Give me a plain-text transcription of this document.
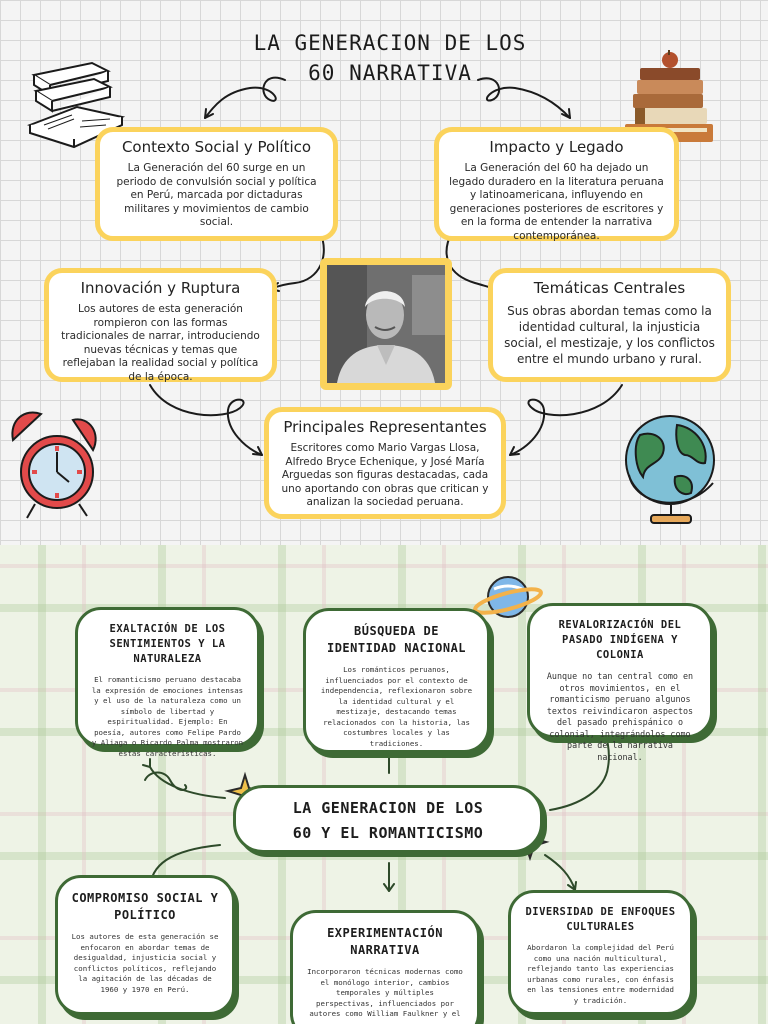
LA GENERACION DE LOS
60 NARRATIVA
Contexto Social y Político

La Generación del 60 surge en un periodo de convulsión social y política en Perú, marcada por dictaduras militares y movimientos de cambio social.

Impacto y Legado

La Generación del 60 ha dejado un legado duradero en la literatura peruana y latinoamericana, influyendo en generaciones posteriores de escritores y en la forma de entender la narrativa contemporánea.

Innovación y Ruptura

Los autores de esta generación rompieron con las formas tradicionales de narrar, introduciendo nuevas técnicas y temas que reflejaban la realidad social y política de la época.

Temáticas Centrales

Sus obras abordan temas como la identidad cultural, la injusticia social, el mestizaje, y los conflictos entre el mundo urbano y rural.

Principales Representantes

Escritores como Mario Vargas Llosa, Alfredo Bryce Echenique, y José María Arguedas son figuras destacadas, cada uno aportando con obras que critican y analizan la sociedad peruana.

EXALTACIÓN DE LOS SENTIMIENTOS Y LA NATURALEZA

El romanticismo peruano destacaba la expresión de emociones intensas y el uso de la naturaleza como un símbolo de libertad y espiritualidad. Ejemplo: En poesía, autores como Felipe Pardo y Aliaga o Ricardo Palma mostraron estas características.

BÚSQUEDA DE IDENTIDAD NACIONAL

Los románticos peruanos, influenciados por el contexto de independencia, reflexionaron sobre la identidad cultural y el mestizaje, destacando temas relacionados con la historia, las costumbres locales y las tradiciones.

REVALORIZACIÓN DEL PASADO INDÍGENA Y COLONIA

Aunque no tan central como en otros movimientos, en el romanticismo peruano algunos textos reivindicaron aspectos del pasado prehispánico o colonial, integrándolos como parte de la narrativa nacional.

LA GENERACION DE LOS
60 Y EL ROMANTICISMO
COMPROMISO SOCIAL Y POLÍTICO

Los autores de esta generación se enfocaron en abordar temas de desigualdad, injusticia social y conflictos políticos, reflejando la agitación de las décadas de 1960 y 1970 en Perú.

EXPERIMENTACIÓN NARRATIVA

Incorporaron técnicas modernas como el monólogo interior, cambios temporales y múltiples perspectivas, influenciados por autores como William Faulkner y el

DIVERSIDAD DE ENFOQUES CULTURALES

Abordaron la complejidad del Perú como una nación multicultural, reflejando tanto las experiencias urbanas como rurales, con énfasis en las tensiones entre modernidad y tradición.
